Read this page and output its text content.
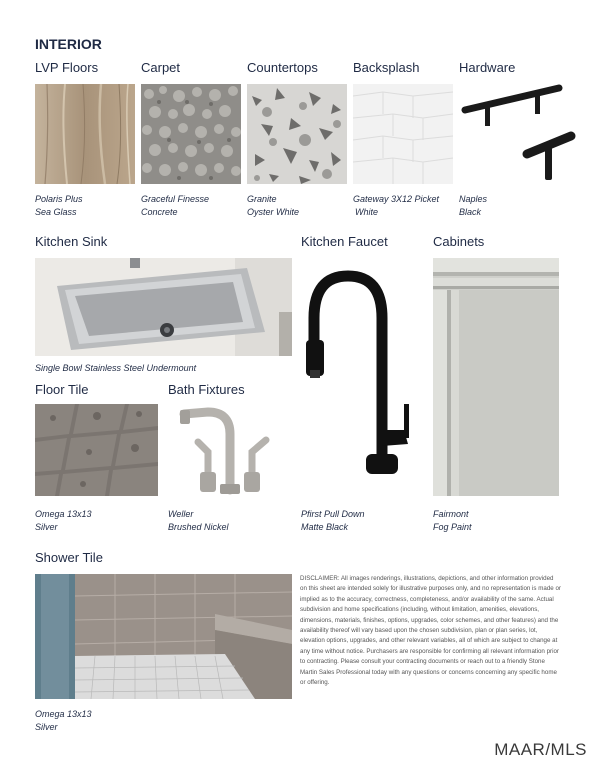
INTERIOR
LVP Floors	Carpet	Countertops	Backsplash	Hardware
Polaris Plus
Sea Glass
Graceful Finesse
Concrete
Granite
Oyster White
Gateway 3X12 Picket
White
Naples
Black
Kitchen Sink	Kitchen Faucet	Cabinets
Single Bowl Stainless Steel Undermount
Floor Tile	Bath Fixtures
Omega 13x13
Silver
Weller
Brushed Nickel
Pfirst Pull Down
Matte Black
Fairmont
Fog Paint
Shower Tile
Omega 13x13
Silver
DISCLAIMER: All images renderings, illustrations, depictions, and other information provided on this sheet are intended solely for illustrative purposes only, and no representation is made or implied as to the accuracy, correctness, completeness, and/or availability of the same. Actual subdivision and home specifications (including, without limitation, amenities, elevations, dimensions, materials, finishes, options, upgrades, color schemes, and other features) and the availability thereof will vary based upon the chosen subdivision, plan or plan series, lot, elevation options, upgrades, and other relevant variables, all of which are subject to change at any time without notice. Purchasers are responsible for confirming all relevant information prior to contracting. Please consult your contracting documents or reach out to a friendly Stone Martin Sales Professional today with any questions or concerns concerning any specific home or offering.
MAAR/MLS
